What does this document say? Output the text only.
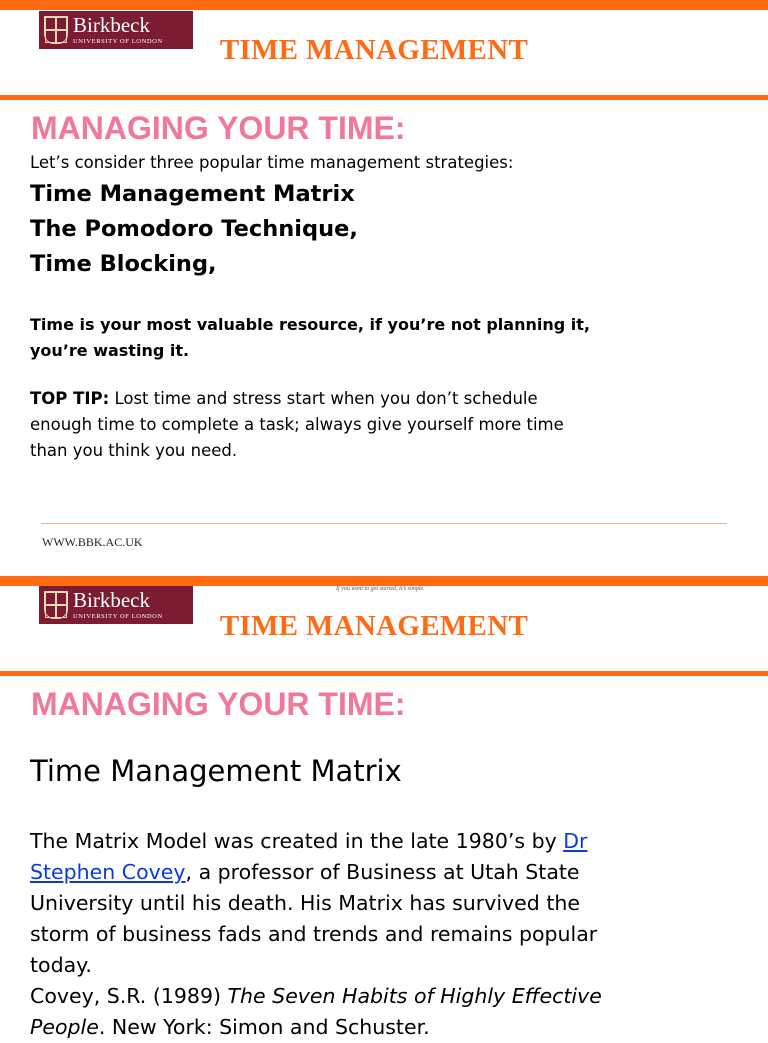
Birkbeck
UNIVERSITY OF LONDON	TIME MANAGEMENT
MANAGING YOUR TIME:
Let’s consider three popular time management strategies:
Time Management Matrix
The Pomodoro Technique,
Time Blocking,
Time is your most valuable resource, if you’re not planning it, you’re wasting it.
TOP TIP: Lost time and stress start when you don’t schedule enough time to complete a task; always give yourself more time than you think you need.
WWW.BBK.AC.UK
If you want to get started, it’s simple.
Birkbeck
UNIVERSITY OF LONDON	TIME MANAGEMENT
MANAGING YOUR TIME:
Time Management Matrix
The Matrix Model was created in the late 1980’s by Dr Stephen Covey, a professor of Business at Utah State University until his death. His Matrix has survived the storm of business fads and trends and remains popular today.
Covey, S.R. (1989) The Seven Habits of Highly Effective People. New York: Simon and Schuster.
